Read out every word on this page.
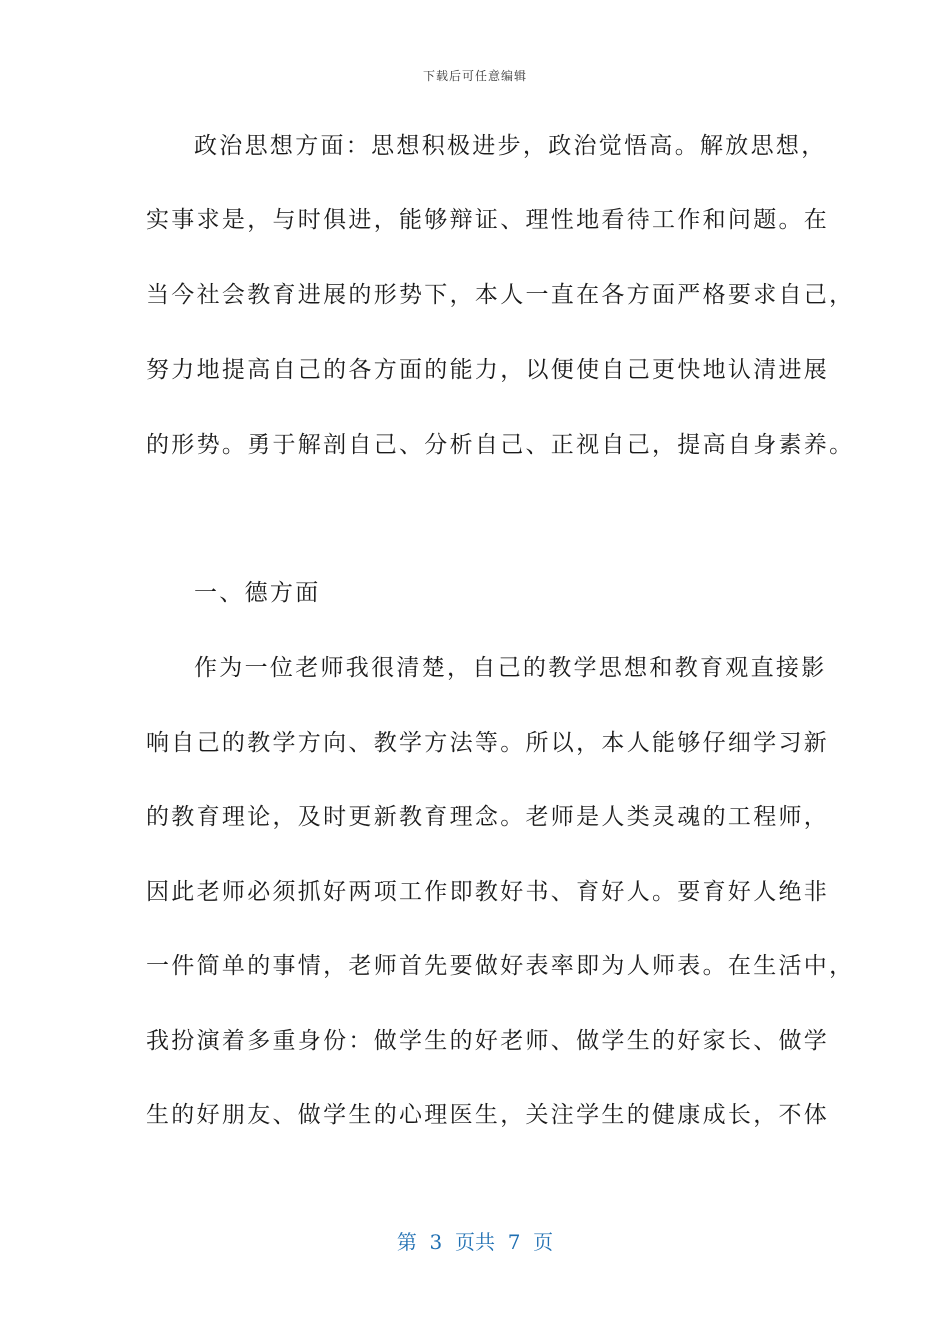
下载后可任意编辑
政治思想方面：思想积极进步，政治觉悟高。解放思想，
实事求是，与时俱进，能够辩证、理性地看待工作和问题。在
当今社会教育进展的形势下，本人一直在各方面严格要求自己，
努力地提高自己的各方面的能力，以便使自己更快地认清进展
的形势。勇于解剖自己、分析自己、正视自己，提高自身素养。
一、德方面
作为一位老师我很清楚，自己的教学思想和教育观直接影
响自己的教学方向、教学方法等。所以，本人能够仔细学习新
的教育理论，及时更新教育理念。老师是人类灵魂的工程师，
因此老师必须抓好两项工作即教好书、育好人。要育好人绝非
一件简单的事情，老师首先要做好表率即为人师表。在生活中，
我扮演着多重身份：做学生的好老师、做学生的好家长、做学
生的好朋友、做学生的心理医生，关注学生的健康成长，不体
第  3  页共  7  页
